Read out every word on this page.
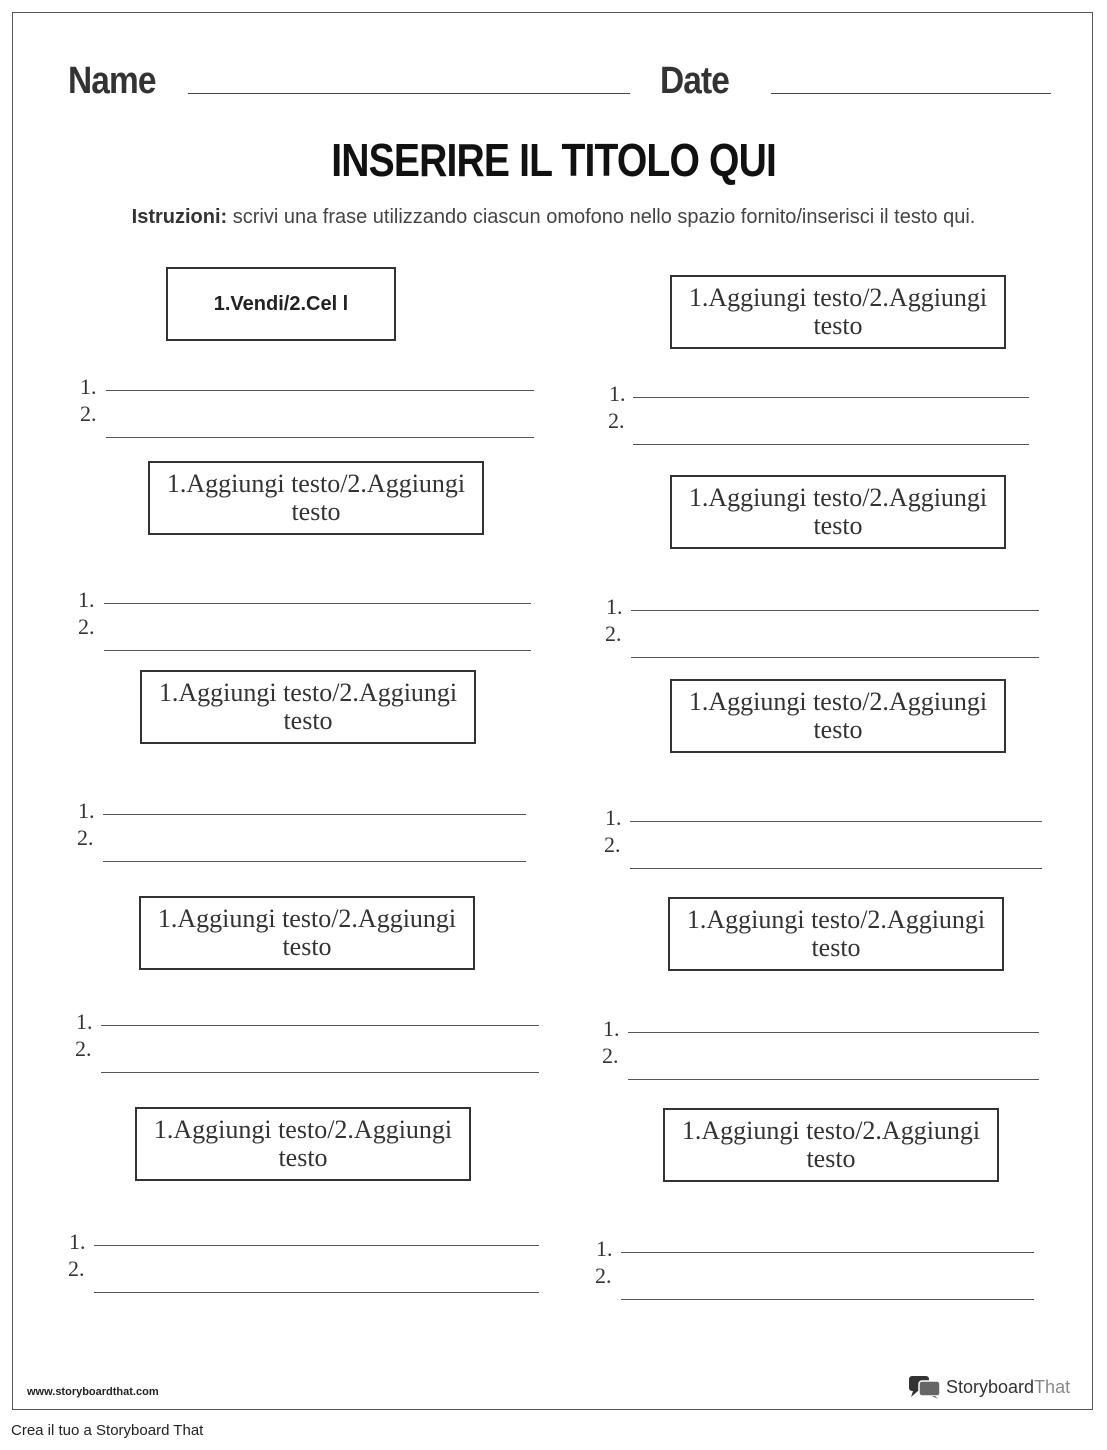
Name	Date
INSERIRE IL TITOLO QUI
Istruzioni: scrivi una frase utilizzando ciascun omofono nello spazio fornito/inserisci il testo qui.
1.Vendi/2.Cel l
1.
2.
1.Aggiungi testo/2.Aggiungi testo
1.
2.
1.Aggiungi testo/2.Aggiungi testo
1.
2.
1.Aggiungi testo/2.Aggiungi testo
1.
2.
1.Aggiungi testo/2.Aggiungi testo
1.
2.
1.Aggiungi testo/2.Aggiungi testo
1.
2.
1.Aggiungi testo/2.Aggiungi testo
1.
2.
1.Aggiungi testo/2.Aggiungi testo
1.
2.
1.Aggiungi testo/2.Aggiungi testo
1.
2.
1.Aggiungi testo/2.Aggiungi testo
1.
2.
www.storyboardthat.com	Storyboard That
Crea il tuo a Storyboard That
